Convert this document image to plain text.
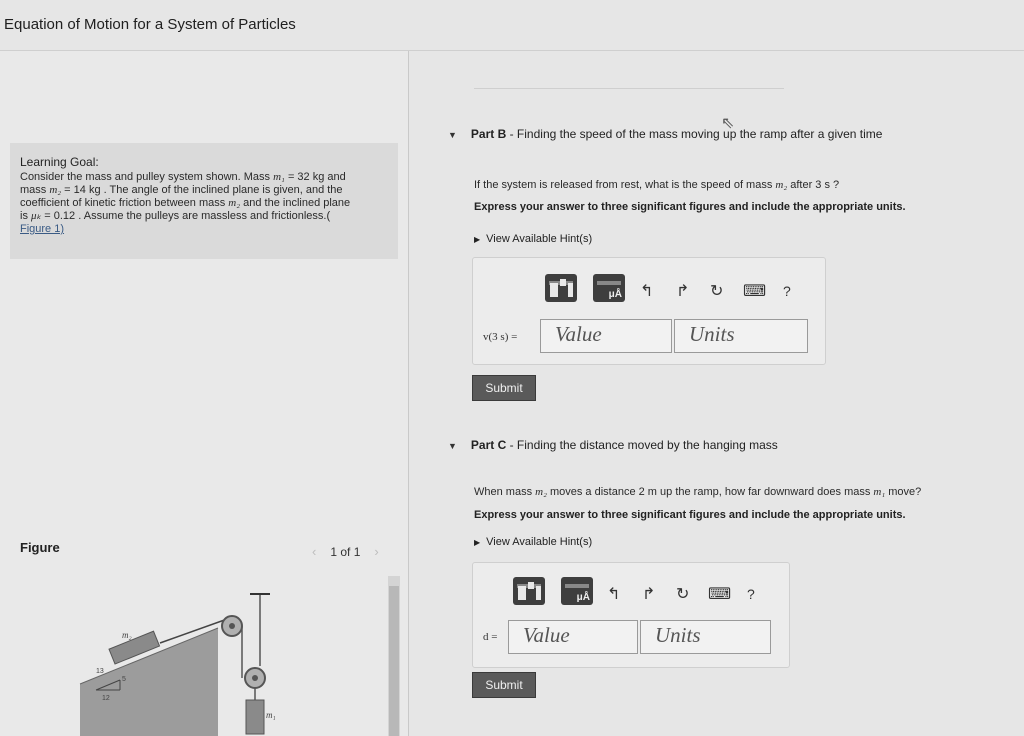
Equation of Motion for a System of Particles
Learning Goal:
Consider the mass and pulley system shown. Mass m₁ = 32 kg and
mass m₂ = 14 kg . The angle of the inclined plane is given, and the
coefficient of kinetic friction between mass m₂ and the inclined plane
is μₖ = 0.12 . Assume the pulleys are massless and frictionless.(
Figure 1)
Figure	‹ 1 of 1 ›
m₂
m₁
13
5
12
⇖
▼ Part B - Finding the speed of the mass moving up the ramp after a given time
If the system is released from rest, what is the speed of mass m₂ after 3 s ?
Express your answer to three significant figures and include the appropriate units.
▶ View Available Hint(s)
μÅ ↰ ↱ ↻ ⌨ ?
v(3 s) =	Value	Units
Submit
▼ Part C - Finding the distance moved by the hanging mass
When mass m₂ moves a distance 2 m up the ramp, how far downward does mass m₁ move?
Express your answer to three significant figures and include the appropriate units.
▶ View Available Hint(s)
μÅ ↰ ↱ ↻ ⌨ ?
d =	Value	Units
Submit
